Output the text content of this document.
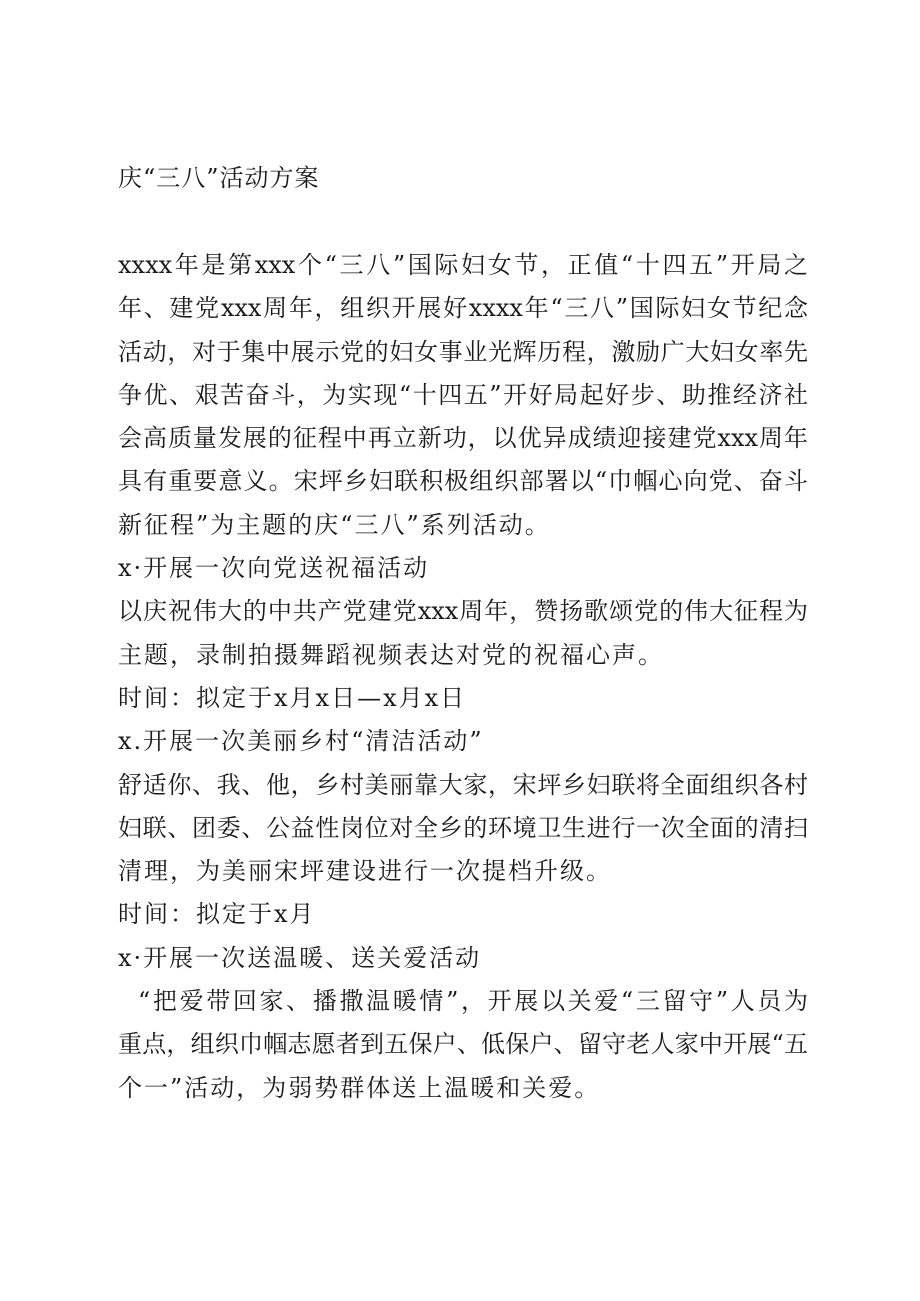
庆“三八”活动方案
xxxx年是第xxx个“三八”国际妇女节，正值“十四五”开局之
年、建党xxx周年，组织开展好xxxx年“三八”国际妇女节纪念
活动，对于集中展示党的妇女事业光辉历程，激励广大妇女率先
争优、艰苦奋斗，为实现“十四五”开好局起好步、助推经济社
会高质量发展的征程中再立新功，以优异成绩迎接建党xxx周年
具有重要意义。宋坪乡妇联积极组织部署以“巾帼心向党、奋斗
新征程”为主题的庆“三八”系列活动。
x·开展一次向党送祝福活动
以庆祝伟大的中共产党建党xxx周年，赞扬歌颂党的伟大征程为
主题，录制拍摄舞蹈视频表达对党的祝福心声。
时间：拟定于x月x日—x月x日
x.开展一次美丽乡村“清洁活动”
舒适你、我、他，乡村美丽靠大家，宋坪乡妇联将全面组织各村
妇联、团委、公益性岗位对全乡的环境卫生进行一次全面的清扫
清理，为美丽宋坪建设进行一次提档升级。
时间：拟定于x月
x·开展一次送温暖、送关爱活动
“把爱带回家、播撒温暖情”，开展以关爱“三留守”人员为
重点，组织巾帼志愿者到五保户、低保户、留守老人家中开展“五
个一”活动，为弱势群体送上温暖和关爱。
